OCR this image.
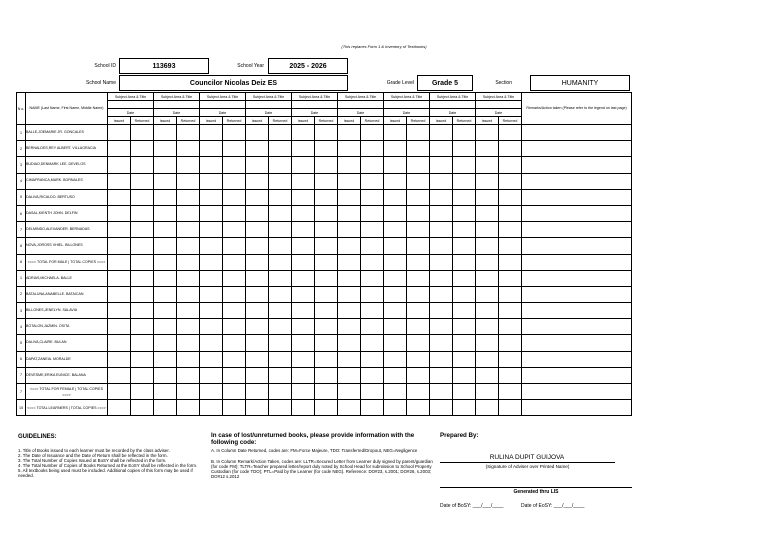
(This replaces Form 1 & Inventory of Textbooks)
School ID	113693	School Year	2025 - 2026
School Name	Councilor Nicolas Deiz ES	Grade Level	Grade 5	Section	HUMANITY
N o.	NAME (Last Name, First Name, Middle Name)	Subject Area & Title		Subject Area & Title		Subject Area & Title		Subject Area & Title		Subject Area & Title		Subject Area & Title		Subject Area & Title		Subject Area & Title		Subject Area & Title		Remarks/Action taken (Please refer to the legend on last page)

		Date		Date		Date		Date		Date		Date		Date		Date		Date		
		Issued	Returned	Issued	Returned	Issued	Returned	Issued	Returned	Issued	Returned	Issued	Returned	Issued	Returned	Issued	Returned	Issued	Returned	
1	BALLE,JOEMARIE JR. GONCALES																			
2	BERNALDES,REY ALBERT. VILLAGRACIA																			
3	BUDIAO,DENMARK LEE. DEVELOS																			
4	CIMAFRANCA,MARK. BORNALES																			
5	DALIVA,RICALDO. BERTUSO																			
6	DASAL,KIENTH JOHN. DELFIN																			
7	DELMINDO,ALEXANDER. BERNADAS																			
8	NOVA,JOROSS VHIEL. BILLONES																			
8	<=== TOTAL FOR MALE | TOTAL COPIES ===>																			
1	ADRIAS,MICHAELA. BALLE																			
2	BATALUNA,ANABELLE. BATAICAN																			
3	BILLONES,JENELYN. SALAVIA																			
4	BOTALON,JAZMIN. OSITA																			
5	DALIVA,CLAIRE. BULAN																			
6	DAPAT,ZANEIA. MORALDE																			
7	DEVESME,ERIKA EUNICE. BALANA																			
7	<=== TOTAL FOR FEMALE | TOTAL COPIES ===>																			
15	<=== TOTAL LEARNERS | TOTAL COPIES ===>																			
GUIDELINES:
1. Title of Books issued to each learner must be recorded by the class adviser.
2. The Date of Issuance and the Date of Return shall be reflected in the form.
3. The Total Number of Copies Issued at BoSY shall be reflected in the form.
4. The Total Number of Copies of Books Returned at the EoSY shall be reflected in the form.
5. All textbooks being used must be included. Additional copies of this form may be used if needed.
In case of lost/unreturned books, please provide information with the following code:
A. In Column Date Returned, codes are: FM=Force Majeure, TDO: Transferred/Dropout, NEG=Negligence
B. In Column Remark/Action Taken, codes are: LLTR=Secured Letter from Learner duly signed by parent/guardian (for code FM); TLTR=Teacher prepared letter/report duly noted by School Head for submission to School Property Custodian (for code TDO); PTL=Paid by the Learner (for code NEG). Reference: DO#23, s.2001; DO#26, s.2003; DO#12 s.2012
Prepared By:
RULINA DUPIT GUIJOVA
(Signature of Adviser over Printed Name)
Generated thru LIS
Date of BoSY: ___/___/____	Date of EoSY: ___/___/____
